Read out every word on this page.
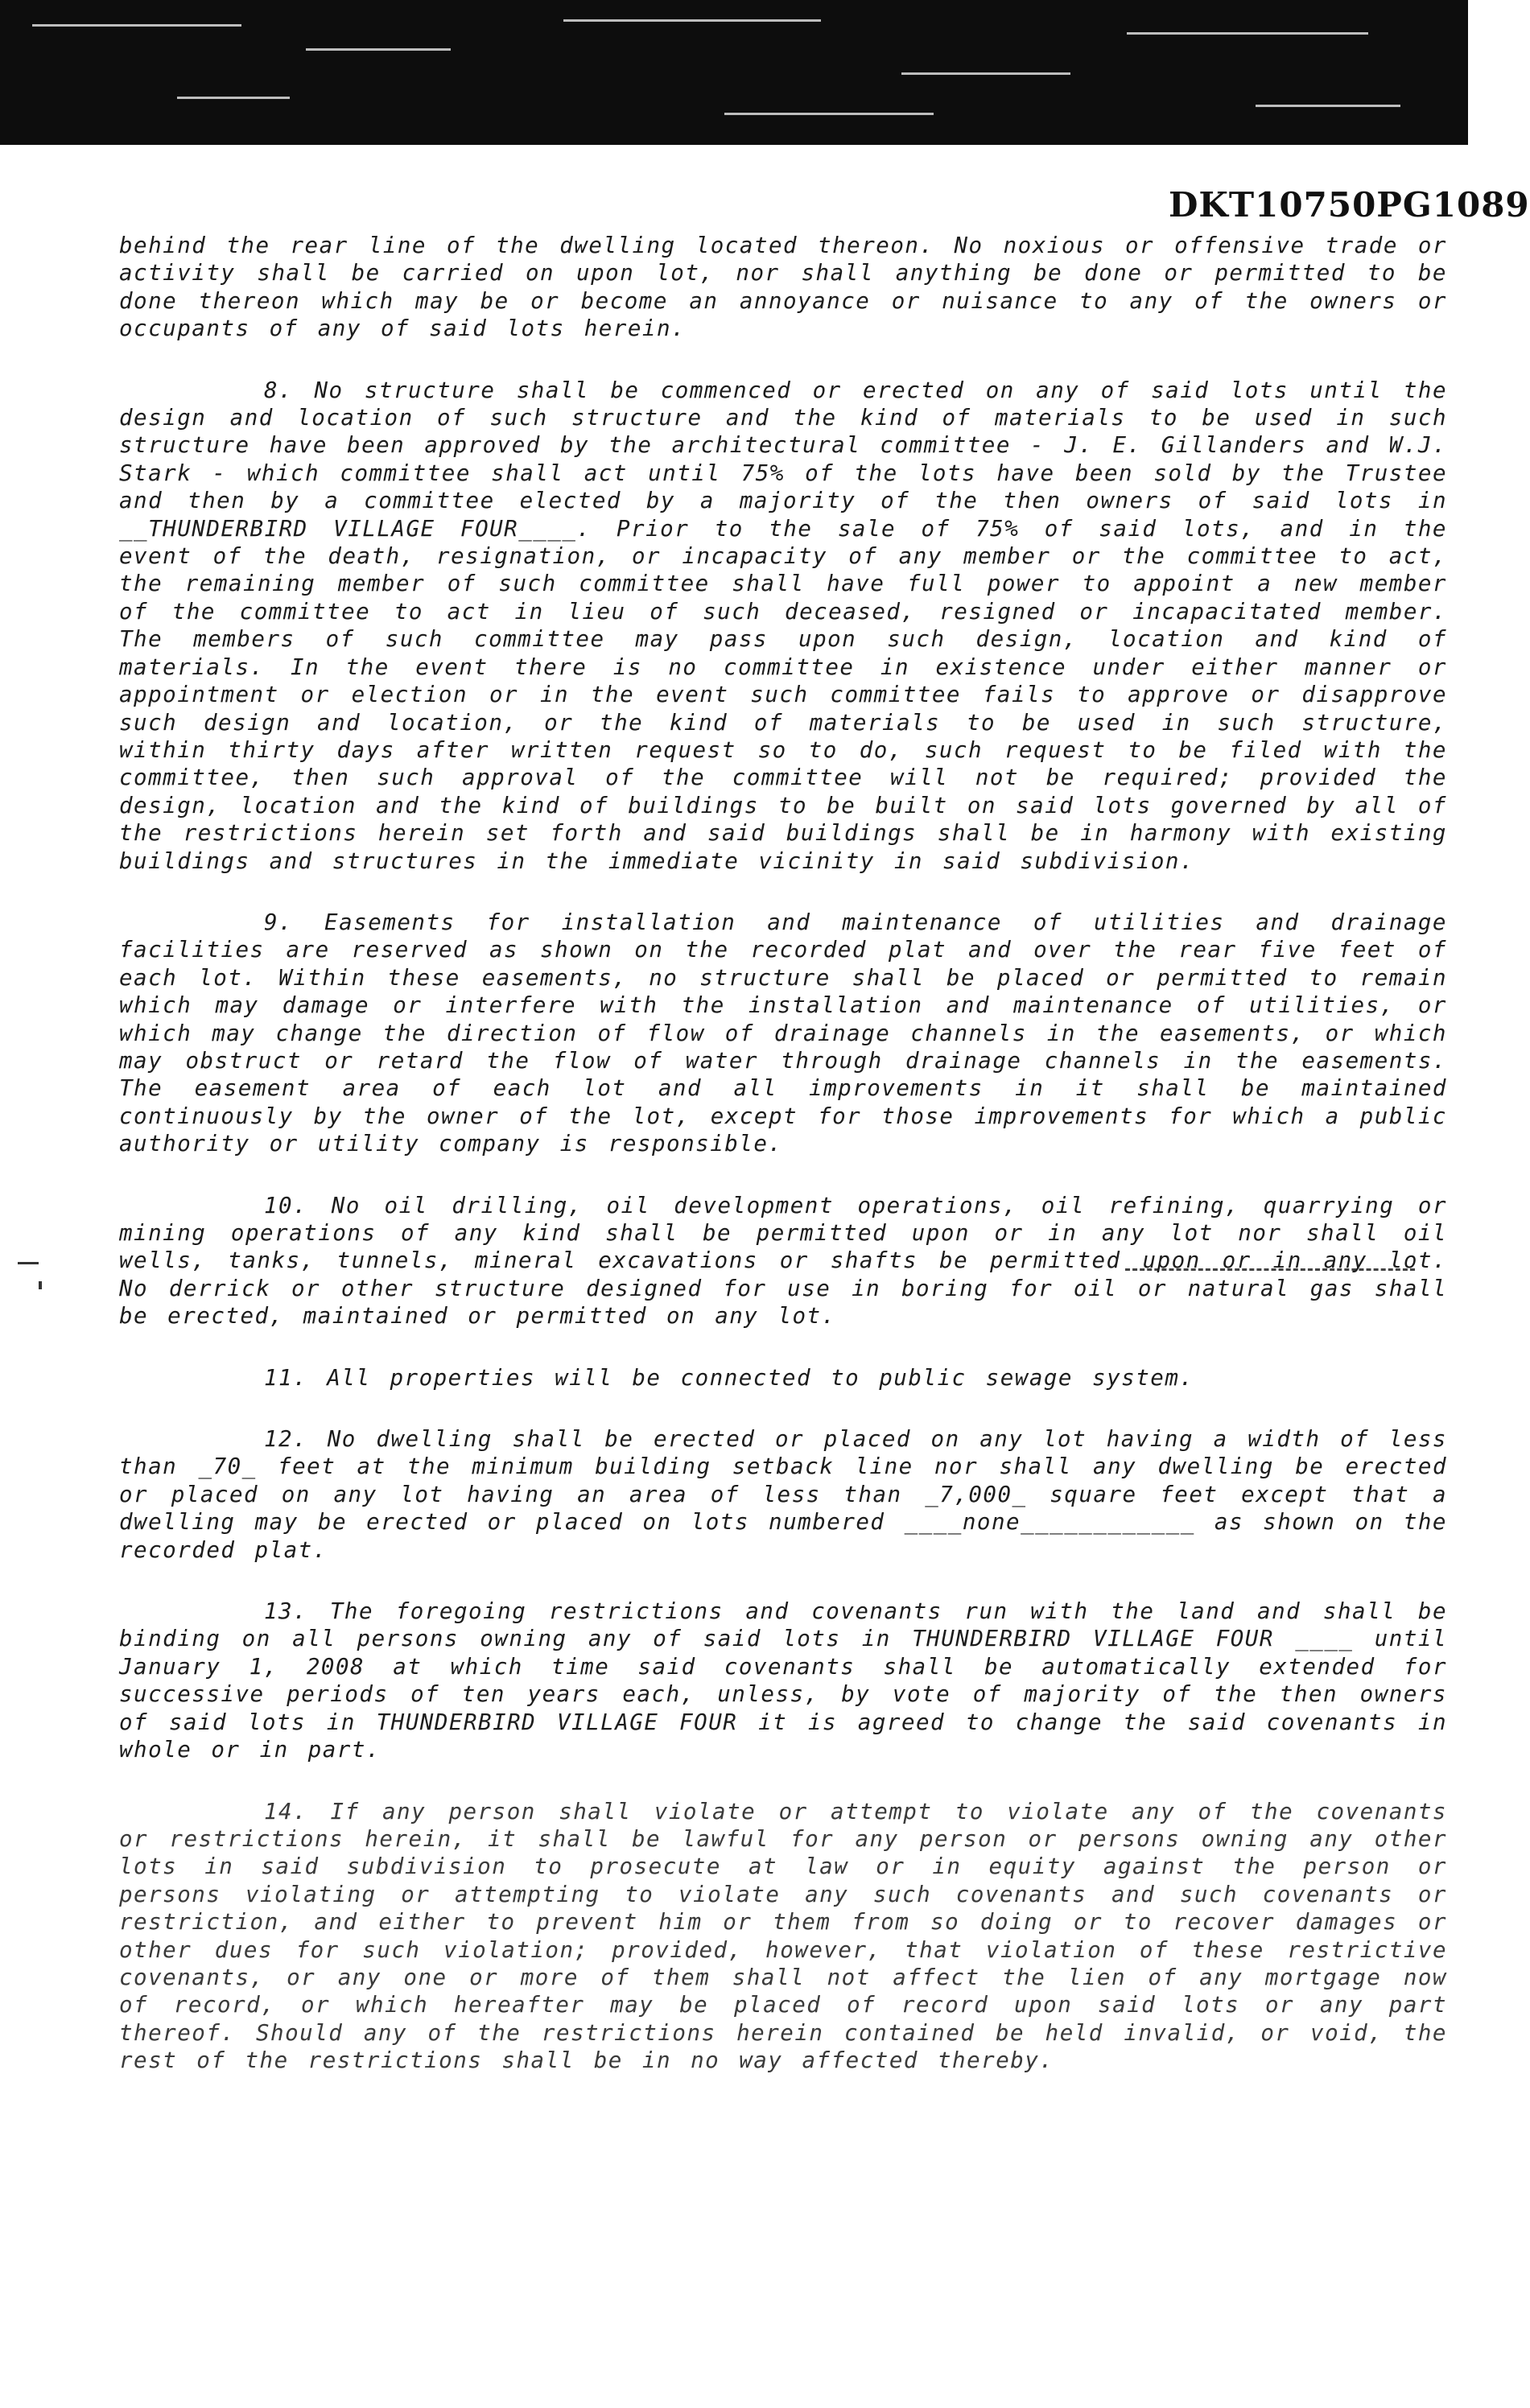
DKT10750PG1089

behind the rear line of the dwelling located thereon. No noxious or offensive trade or activity shall be carried on upon lot, nor shall anything be done or permitted to be done thereon which may be or become an annoyance or nuisance to any of the owners or occupants of any of said lots herein.

8. No structure shall be commenced or erected on any of said lots until the design and location of such structure and the kind of materials to be used in such structure have been approved by the architectural committee - J. E. Gillanders and W.J. Stark - which committee shall act until 75% of the lots have been sold by the Trustee and then by a committee elected by a majority of the then owners of said lots in __THUNDERBIRD VILLAGE FOUR____. Prior to the sale of 75% of said lots, and in the event of the death, resignation, or incapacity of any member or the committee to act, the remaining member of such committee shall have full power to appoint a new member of the committee to act in lieu of such deceased, resigned or incapacitated member. The members of such committee may pass upon such design, location and kind of materials. In the event there is no committee in existence under either manner or appointment or election or in the event such committee fails to approve or disapprove such design and location, or the kind of materials to be used in such structure, within thirty days after written request so to do, such request to be filed with the committee, then such approval of the committee will not be required; provided the design, location and the kind of buildings to be built on said lots governed by all of the restrictions herein set forth and said buildings shall be in harmony with existing buildings and structures in the immediate vicinity in said subdivision.

9. Easements for installation and maintenance of utilities and drainage facilities are reserved as shown on the recorded plat and over the rear five feet of each lot. Within these easements, no structure shall be placed or permitted to remain which may damage or interfere with the installation and maintenance of utilities, or which may change the direction of flow of drainage channels in the easements, or which may obstruct or retard the flow of water through drainage channels in the easements. The easement area of each lot and all improvements in it shall be maintained continuously by the owner of the lot, except for those improvements for which a public authority or utility company is responsible.

10. No oil drilling, oil development operations, oil refining, quarrying or mining operations of any kind shall be permitted upon or in any lot nor shall oil wells, tanks, tunnels, mineral excavations or shafts be permitted upon or in any lot. No derrick or other structure designed for use in boring for oil or natural gas shall be erected, maintained or permitted on any lot.

11. All properties will be connected to public sewage system.

12. No dwelling shall be erected or placed on any lot having a width of less than _70_ feet at the minimum building setback line nor shall any dwelling be erected or placed on any lot having an area of less than _7,000_ square feet except that a dwelling may be erected or placed on lots numbered ____none____________ as shown on the recorded plat.

13. The foregoing restrictions and covenants run with the land and shall be binding on all persons owning any of said lots in THUNDERBIRD VILLAGE FOUR ____ until January 1, 2008 at which time said covenants shall be automatically extended for successive periods of ten years each, unless, by vote of majority of the then owners of said lots in THUNDERBIRD VILLAGE FOUR it is agreed to change the said covenants in whole or in part.

14. If any person shall violate or attempt to violate any of the covenants or restrictions herein, it shall be lawful for any person or persons owning any other lots in said subdivision to prosecute at law or in equity against the person or persons violating or attempting to violate any such covenants and such covenants or restriction, and either to prevent him or them from so doing or to recover damages or other dues for such violation; provided, however, that violation of these restrictive covenants, or any one or more of them shall not affect the lien of any mortgage now of record, or which hereafter may be placed of record upon said lots or any part thereof. Should any of the restrictions herein contained be held invalid, or void, the rest of the restrictions shall be in no way affected thereby.
